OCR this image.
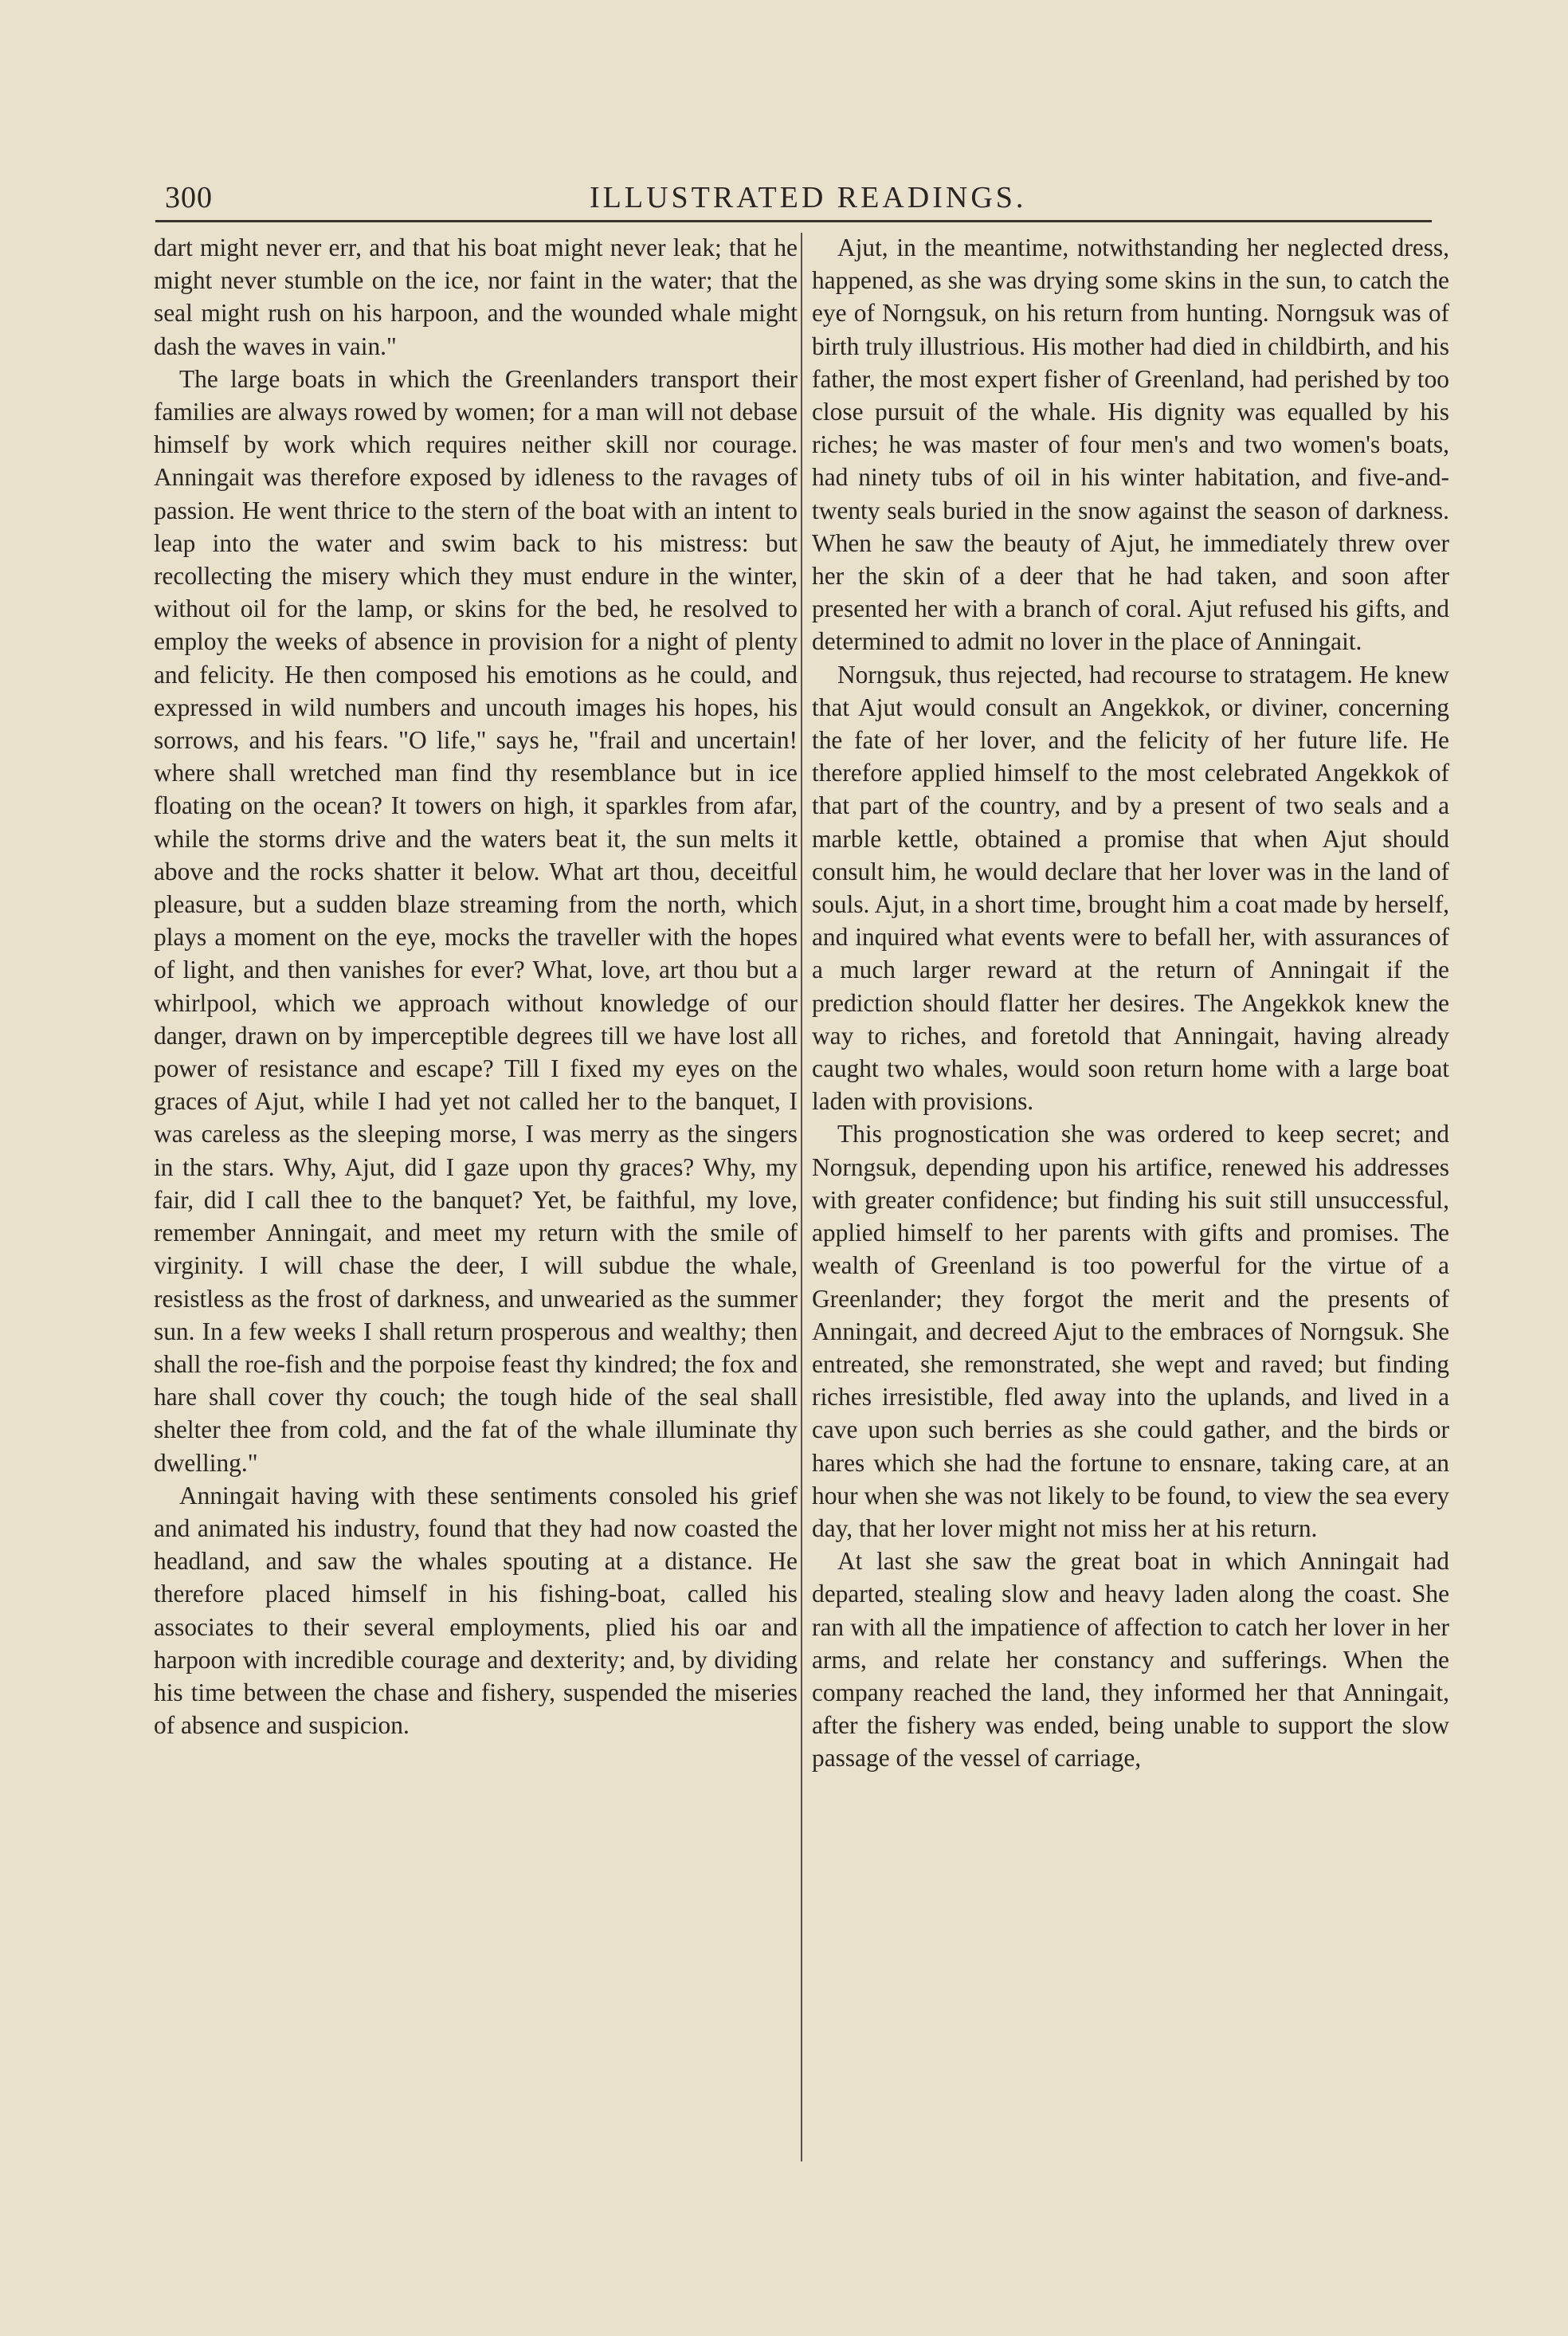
300	ILLUSTRATED READINGS.

dart might never err, and that his boat might never leak; that he might never stumble on the ice, nor faint in the water; that the seal might rush on his harpoon, and the wounded whale might dash the waves in vain."

The large boats in which the Greenlanders transport their families are always rowed by women; for a man will not debase himself by work which requires neither skill nor courage. Anningait was therefore exposed by idleness to the ravages of passion. He went thrice to the stern of the boat with an intent to leap into the water and swim back to his mistress: but recollecting the misery which they must endure in the winter, without oil for the lamp, or skins for the bed, he resolved to employ the weeks of absence in provision for a night of plenty and felicity. He then composed his emotions as he could, and expressed in wild numbers and uncouth images his hopes, his sorrows, and his fears. "O life," says he, "frail and uncertain! where shall wretched man find thy resemblance but in ice floating on the ocean? It towers on high, it sparkles from afar, while the storms drive and the waters beat it, the sun melts it above and the rocks shatter it below. What art thou, deceitful pleasure, but a sudden blaze streaming from the north, which plays a moment on the eye, mocks the traveller with the hopes of light, and then vanishes for ever? What, love, art thou but a whirlpool, which we approach without knowledge of our danger, drawn on by imperceptible degrees till we have lost all power of resistance and escape? Till I fixed my eyes on the graces of Ajut, while I had yet not called her to the banquet, I was careless as the sleeping morse, I was merry as the singers in the stars. Why, Ajut, did I gaze upon thy graces? Why, my fair, did I call thee to the banquet? Yet, be faithful, my love, remember Anningait, and meet my return with the smile of virginity. I will chase the deer, I will subdue the whale, resistless as the frost of darkness, and unwearied as the summer sun. In a few weeks I shall return prosperous and wealthy; then shall the roe-fish and the porpoise feast thy kindred; the fox and hare shall cover thy couch; the tough hide of the seal shall shelter thee from cold, and the fat of the whale illuminate thy dwelling."

Anningait having with these sentiments consoled his grief and animated his industry, found that they had now coasted the headland, and saw the whales spouting at a distance. He therefore placed himself in his fishing-boat, called his associates to their several employments, plied his oar and harpoon with incredible courage and dexterity; and, by dividing his time between the chase and fishery, suspended the miseries of absence and suspicion.

Ajut, in the meantime, notwithstanding her neglected dress, happened, as she was drying some skins in the sun, to catch the eye of Norngsuk, on his return from hunting. Norngsuk was of birth truly illustrious. His mother had died in childbirth, and his father, the most expert fisher of Greenland, had perished by too close pursuit of the whale. His dignity was equalled by his riches; he was master of four men's and two women's boats, had ninety tubs of oil in his winter habitation, and five-and-twenty seals buried in the snow against the season of darkness. When he saw the beauty of Ajut, he immediately threw over her the skin of a deer that he had taken, and soon after presented her with a branch of coral. Ajut refused his gifts, and determined to admit no lover in the place of Anningait.

Norngsuk, thus rejected, had recourse to stratagem. He knew that Ajut would consult an Angekkok, or diviner, concerning the fate of her lover, and the felicity of her future life. He therefore applied himself to the most celebrated Angekkok of that part of the country, and by a present of two seals and a marble kettle, obtained a promise that when Ajut should consult him, he would declare that her lover was in the land of souls. Ajut, in a short time, brought him a coat made by herself, and inquired what events were to befall her, with assurances of a much larger reward at the return of Anningait if the prediction should flatter her desires. The Angekkok knew the way to riches, and foretold that Anningait, having already caught two whales, would soon return home with a large boat laden with provisions.

This prognostication she was ordered to keep secret; and Norngsuk, depending upon his artifice, renewed his addresses with greater confidence; but finding his suit still unsuccessful, applied himself to her parents with gifts and promises. The wealth of Greenland is too powerful for the virtue of a Greenlander; they forgot the merit and the presents of Anningait, and decreed Ajut to the embraces of Norngsuk. She entreated, she remonstrated, she wept and raved; but finding riches irresistible, fled away into the uplands, and lived in a cave upon such berries as she could gather, and the birds or hares which she had the fortune to ensnare, taking care, at an hour when she was not likely to be found, to view the sea every day, that her lover might not miss her at his return.

At last she saw the great boat in which Anningait had departed, stealing slow and heavy laden along the coast. She ran with all the impatience of affection to catch her lover in her arms, and relate her constancy and sufferings. When the company reached the land, they informed her that Anningait, after the fishery was ended, being unable to support the slow passage of the vessel of carriage,
